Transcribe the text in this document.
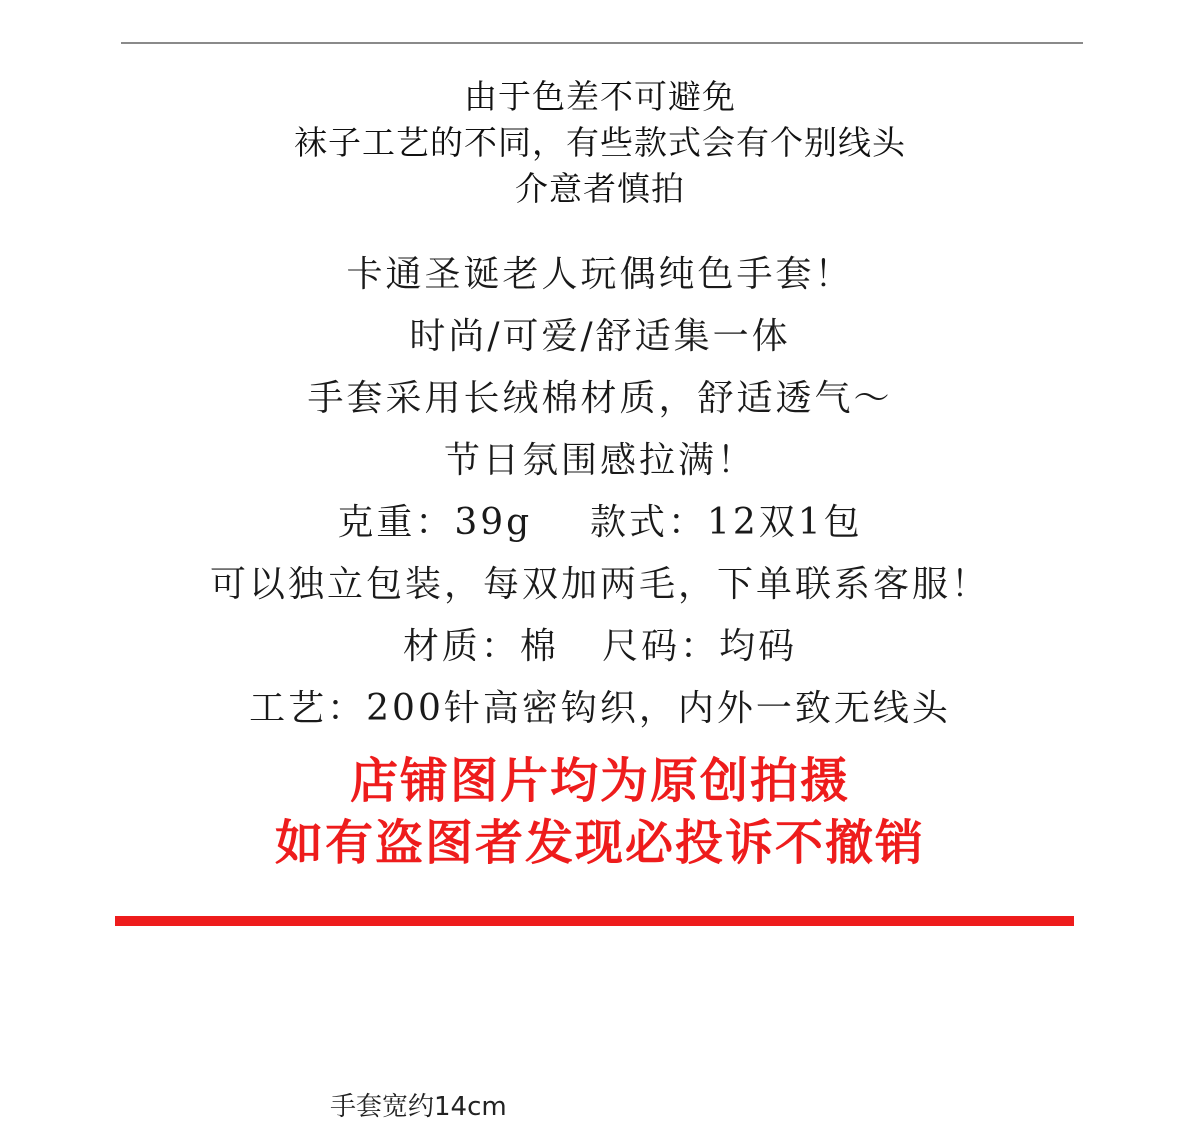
由于色差不可避免
袜子工艺的不同，有些款式会有个别线头
介意者慎拍
卡通圣诞老人玩偶纯色手套！
时尚/可爱/舒适集一体
手套采用长绒棉材质，舒适透气～
节日氛围感拉满！
克重：39g    款式：12双1包
可以独立包装，每双加两毛，下单联系客服！
材质：棉   尺码：均码
工艺：200针高密钩织，内外一致无线头
店铺图片均为原创拍摄
如有盗图者发现必投诉不撤销
手套宽约14cm
